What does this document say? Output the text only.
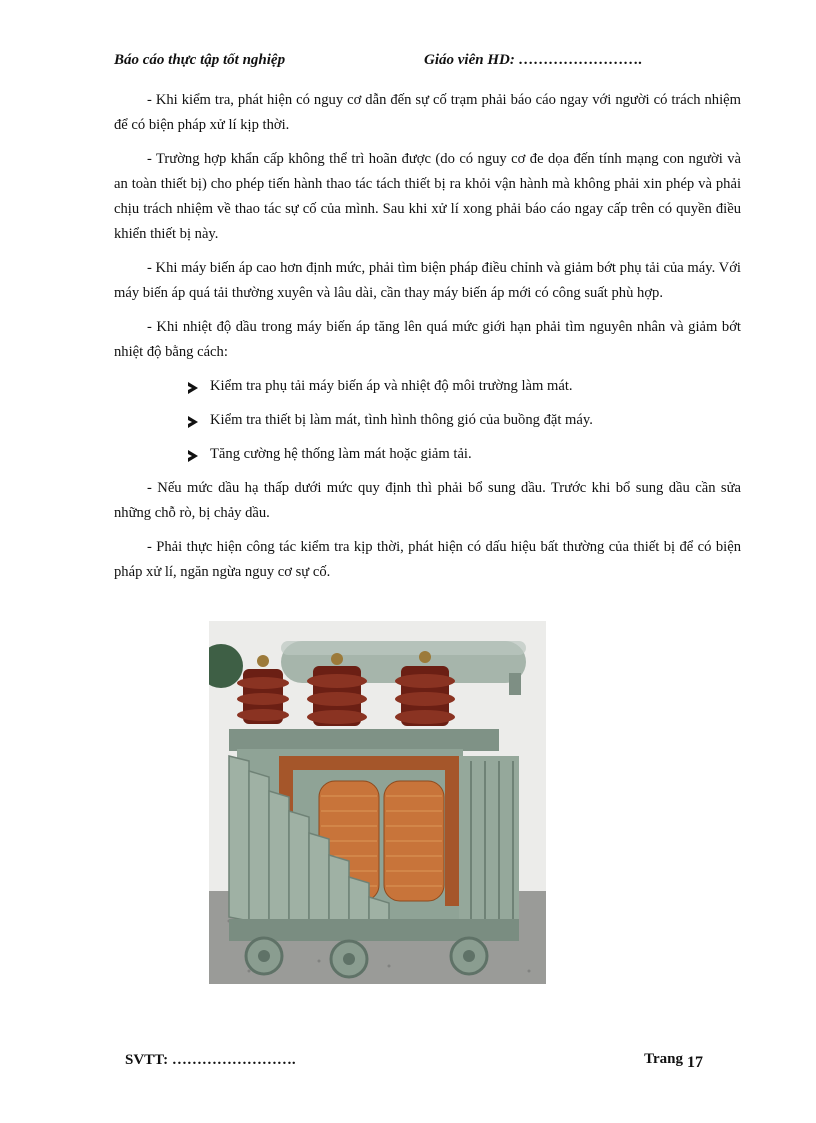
Báo cáo thực tập tốt nghiệp	Giáo viên HD: …………………….

- Khi kiểm tra, phát hiện có nguy cơ dẫn đến sự cố trạm phải báo cáo ngay với người có trách nhiệm để có biện pháp xử lí kịp thời.

- Trường hợp khẩn cấp không thể trì hoãn được (do có nguy cơ đe dọa đến tính mạng con người và an toàn thiết bị) cho phép tiến hành thao tác tách thiết bị ra khỏi vận hành mà không phải xin phép và phải chịu trách nhiệm về thao tác sự cố của mình. Sau khi xử lí xong phải báo cáo ngay cấp trên có quyền điều khiển thiết bị này.

- Khi máy biến áp cao hơn định mức, phải tìm biện pháp điều chỉnh và giảm bớt phụ tải của máy. Với máy biến áp quá tải thường xuyên và lâu dài, cần thay máy biến áp mới có công suất phù hợp.

- Khi nhiệt độ dầu trong máy biến áp tăng lên quá mức giới hạn phải tìm nguyên nhân và giảm bớt nhiệt độ bằng cách:

Kiểm tra phụ tải máy biến áp và nhiệt độ môi trường làm mát.
Kiểm tra thiết bị làm mát, tình hình thông gió của buồng đặt máy.
Tăng cường hệ thống làm mát hoặc giảm tải.

- Nếu mức dầu hạ thấp dưới mức quy định thì phải bổ sung dầu. Trước khi bổ sung dầu cần sửa những chỗ rò, bị chảy dầu.

- Phải thực hiện công tác kiểm tra kịp thời, phát hiện có dấu hiệu bất thường của thiết bị để có biện pháp xử lí, ngăn ngừa nguy cơ sự cố.

SVTT: …………………….	Trang 17
